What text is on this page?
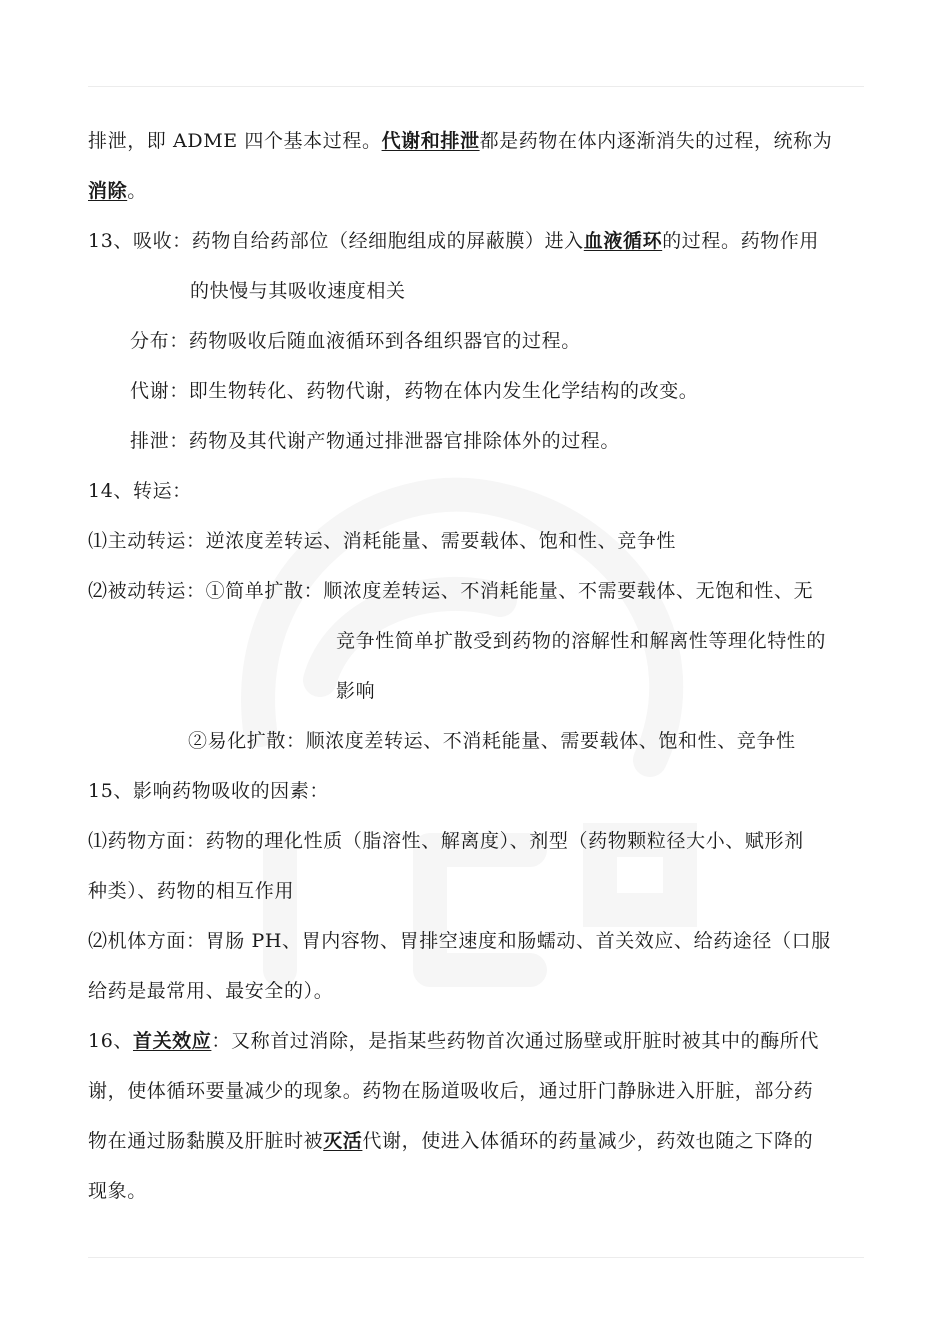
排泄，即 ADME 四个基本过程。代谢和排泄都是药物在体内逐渐消失的过程，统称为
消除。
13、吸收：药物自给药部位（经细胞组成的屏蔽膜）进入血液循环的过程。药物作用
的快慢与其吸收速度相关
分布：药物吸收后随血液循环到各组织器官的过程。
代谢：即生物转化、药物代谢，药物在体内发生化学结构的改变。
排泄：药物及其代谢产物通过排泄器官排除体外的过程。
14、转运：
⑴主动转运：逆浓度差转运、消耗能量、需要载体、饱和性、竞争性
⑵被动转运：①简单扩散：顺浓度差转运、不消耗能量、不需要载体、无饱和性、无
竞争性简单扩散受到药物的溶解性和解离性等理化特性的
影响
②易化扩散：顺浓度差转运、不消耗能量、需要载体、饱和性、竞争性
15、影响药物吸收的因素：
⑴药物方面：药物的理化性质（脂溶性、解离度）、剂型（药物颗粒径大小、赋形剂
种类）、药物的相互作用
⑵机体方面：胃肠 PH、胃内容物、胃排空速度和肠蠕动、首关效应、给药途径（口服
给药是最常用、最安全的）。
16、首关效应：又称首过消除，是指某些药物首次通过肠壁或肝脏时被其中的酶所代
谢，使体循环要量减少的现象。药物在肠道吸收后，通过肝门静脉进入肝脏，部分药
物在通过肠黏膜及肝脏时被灭活代谢，使进入体循环的药量减少，药效也随之下降的
现象。
